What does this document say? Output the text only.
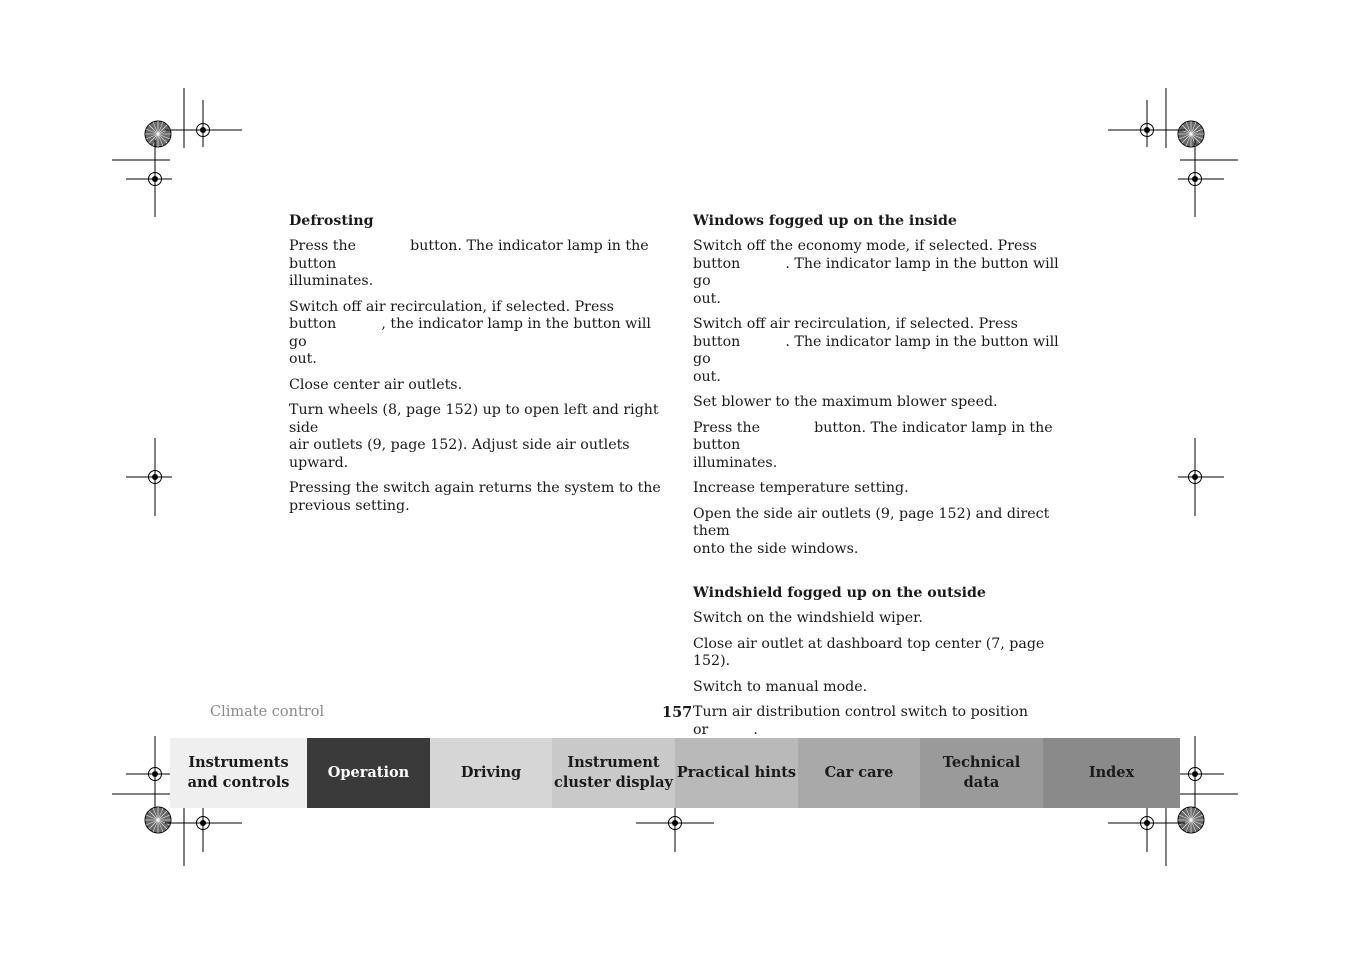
Defrosting

Press the            button. The indicator lamp in the button
illuminates.

Switch off air recirculation, if selected. Press
button          , the indicator lamp in the button will go
out.

Close center air outlets.

Turn wheels (8, page 152) up to open left and right side
air outlets (9, page 152). Adjust side air outlets upward.

Pressing the switch again returns the system to the
previous setting.

Windows fogged up on the inside

Switch off the economy mode, if selected. Press
button          . The indicator lamp in the button will go
out.

Switch off air recirculation, if selected. Press
button          . The indicator lamp in the button will go
out.

Set blower to the maximum blower speed.

Press the            button. The indicator lamp in the button
illuminates.

Increase temperature setting.

Open the side air outlets (9, page 152) and direct them
onto the side windows.

Windshield fogged up on the outside

Switch on the windshield wiper.

Close air outlet at dashboard top center (7, page 152).

Switch to manual mode.

Turn air distribution control switch to position
or          .

Climate control	157
Instruments
and controls
Operation	Driving
Instrument
cluster display
Practical hints Car care
Technical
data
Index
